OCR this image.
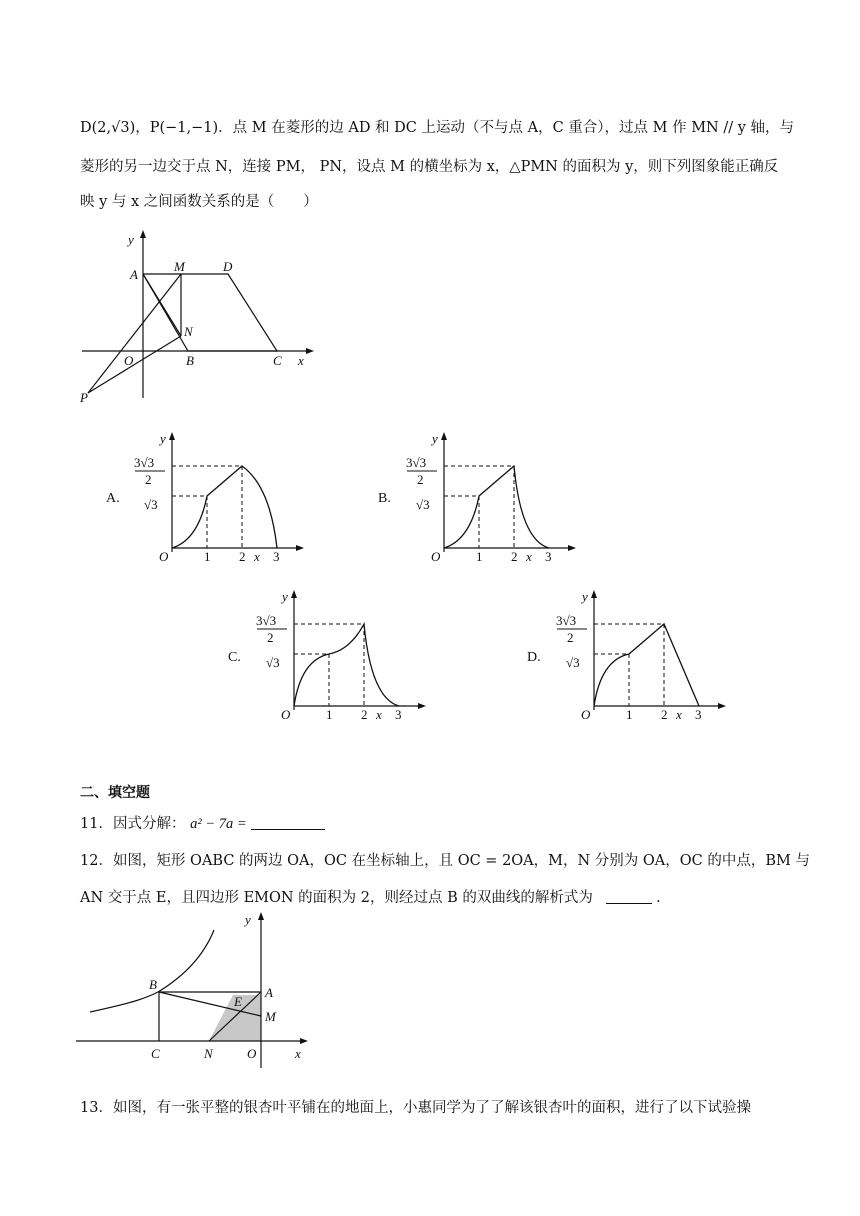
D(2,√3)，P(−1,−1)．点 M 在菱形的边 AD 和 DC 上运动（不与点 A，C 重合），过点 M 作 MN // y 轴，与
菱形的另一边交于点 N，连接 PM， PN，设点 M 的横坐标为 x，△PMN 的面积为 y，则下列图象能正确反
映 y 与 x 之间函数关系的是（　　）
y
A
M	D
N
O	B	C x
P
A.	B.
C.	D.
y
O	1 2 3
x
3√3
2
√3
y
O	1 2 3
x
3√3
2
√3
y
O	1 2 3
x
3√3
2
√3
y
O	1 2 3
x
3√3
2
√3
二、填空题
11．因式分解： a² − 7a =
12．如图，矩形 OABC 的两边 OA，OC 在坐标轴上，且 OC = 2OA，M，N 分别为 OA，OC 的中点，BM 与
AN 交于点 E，且四边形 EMON 的面积为 2，则经过点 B 的双曲线的解析式为	．
y
B
A
E
M
C	N	O	x
13．如图，有一张平整的银杏叶平铺在的地面上，小惠同学为了了解该银杏叶的面积，进行了以下试验操
